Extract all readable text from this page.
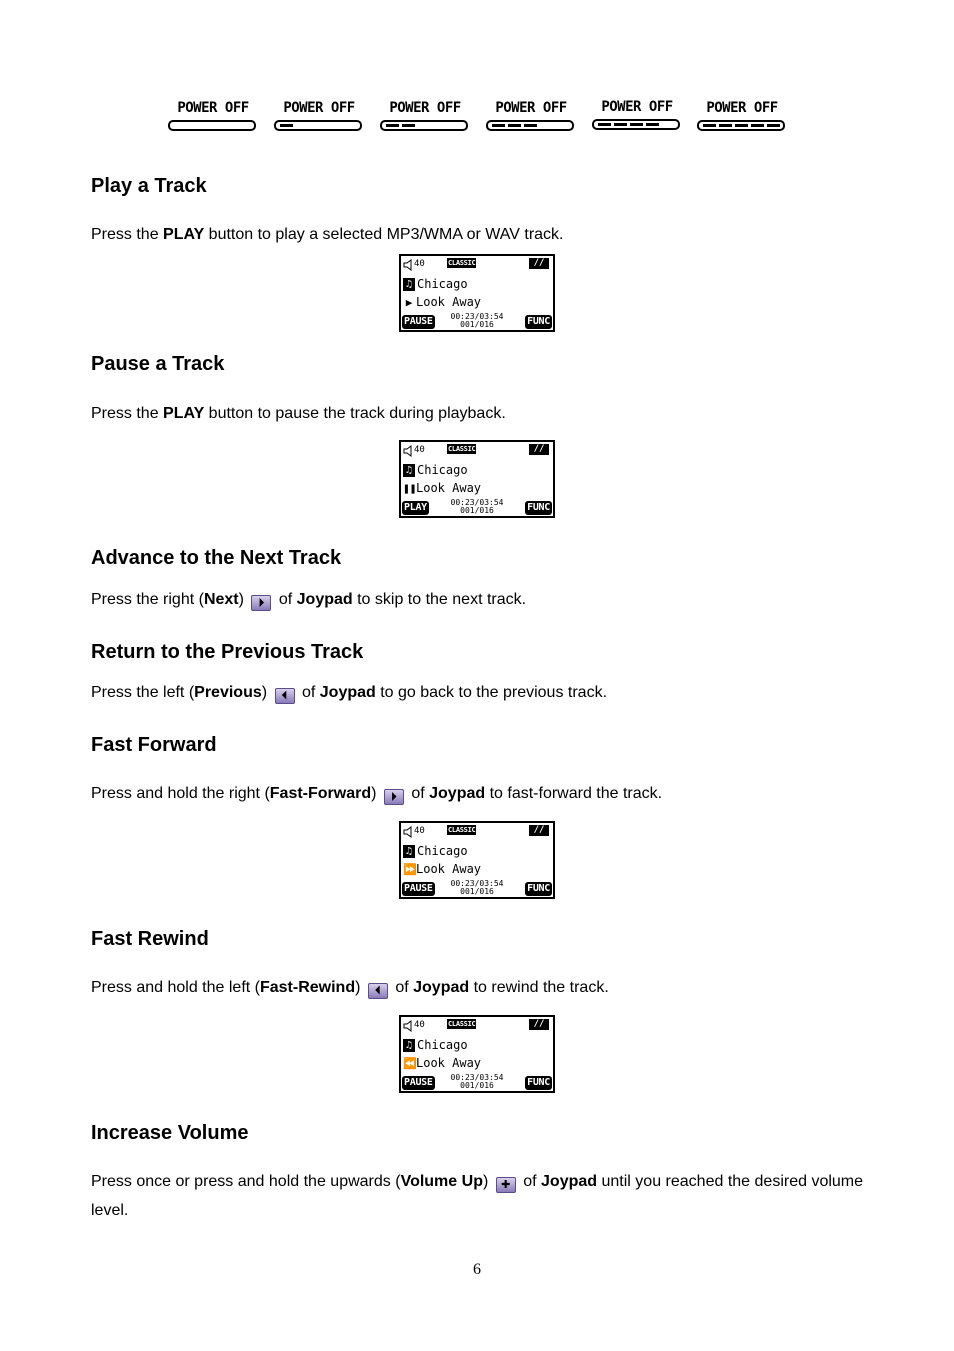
POWER OFF	POWER OFF	POWER OFF	POWER OFF	POWER OFF	POWER OFF
Play a Track

Press the PLAY button to play a selected MP3/WMA or WAV track.

40	CLASSIC	//
♫ Chicago
▶ Look Away
PAUSE	00:23/03:54
001/016	FUNC
Pause a Track

Press the PLAY button to pause the track during playback.

40	CLASSIC	//
♫ Chicago
❚❚Look Away
PLAY	00:23/03:54
001/016	FUNC
Advance to the Next Track

Press the right (Next) ⏵ of Joypad to skip to the next track.

Return to the Previous Track

Press the left (Previous) ⏴ of Joypad to go back to the previous track.

Fast Forward

Press and hold the right (Fast-Forward) ⏵ of Joypad to fast-forward the track.

40	CLASSIC	//
♫ Chicago
⏩Look Away
PAUSE	00:23/03:54
001/016	FUNC
Fast Rewind

Press and hold the left (Fast-Rewind) ⏴ of Joypad to rewind the track.

40	CLASSIC	//
♫ Chicago
⏪Look Away
PAUSE	00:23/03:54
001/016	FUNC
Increase Volume

Press once or press and hold the upwards (Volume Up) ✚ of Joypad until you reached the desired volume level.

6
